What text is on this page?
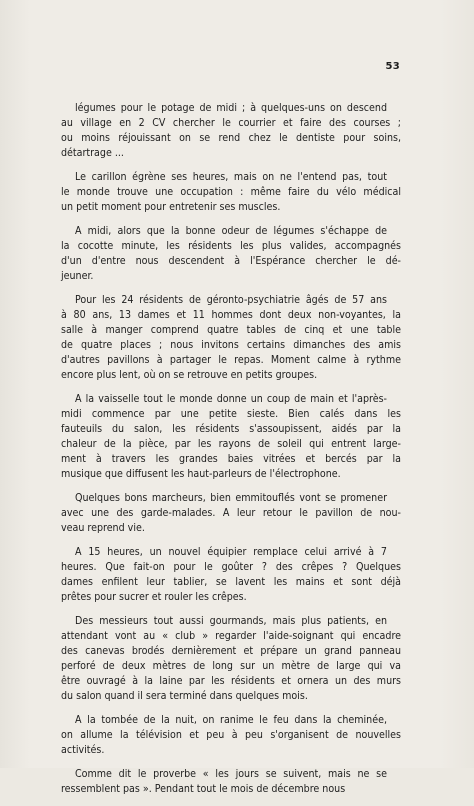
53

légumes pour le potage de midi ; à quelques-uns on descend
au village en 2 CV chercher le courrier et faire des courses ;
ou moins réjouissant on se rend chez le dentiste pour soins,
détartrage ...

Le carillon égrène ses heures, mais on ne l'entend pas, tout
le monde trouve une occupation : même faire du vélo médical
un petit moment pour entretenir ses muscles.

A midi, alors que la bonne odeur de légumes s'échappe de
la cocotte minute, les résidents les plus valides, accompagnés
d'un d'entre nous descendent à l'Espérance chercher le dé-
jeuner.

Pour les 24 résidents de géronto-psychiatrie âgés de 57 ans
à 80 ans, 13 dames et 11 hommes dont deux non-voyantes, la
salle à manger comprend quatre tables de cinq et une table
de quatre places ; nous invitons certains dimanches des amis
d'autres pavillons à partager le repas. Moment calme à rythme
encore plus lent, où on se retrouve en petits groupes.

A la vaisselle tout le monde donne un coup de main et l'après-
midi commence par une petite sieste. Bien calés dans les
fauteuils du salon, les résidents s'assoupissent, aidés par la
chaleur de la pièce, par les rayons de soleil qui entrent large-
ment à travers les grandes baies vitrées et bercés par la
musique que diffusent les haut-parleurs de l'électrophone.

Quelques bons marcheurs, bien emmitouflés vont se promener
avec une des garde-malades. A leur retour le pavillon de nou-
veau reprend vie.

A 15 heures, un nouvel équipier remplace celui arrivé à 7
heures. Que fait-on pour le goûter ? des crêpes ? Quelques
dames enfilent leur tablier, se lavent les mains et sont déjà
prêtes pour sucrer et rouler les crêpes.

Des messieurs tout aussi gourmands, mais plus patients, en
attendant vont au « club » regarder l'aide-soignant qui encadre
des canevas brodés dernièrement et prépare un grand panneau
perforé de deux mètres de long sur un mètre de large qui va
être ouvragé à la laine par les résidents et ornera un des murs
du salon quand il sera terminé dans quelques mois.

A la tombée de la nuit, on ranime le feu dans la cheminée,
on allume la télévision et peu à peu s'organisent de nouvelles
activités.

Comme dit le proverbe « les jours se suivent, mais ne se
ressemblent pas ». Pendant tout le mois de décembre nous
